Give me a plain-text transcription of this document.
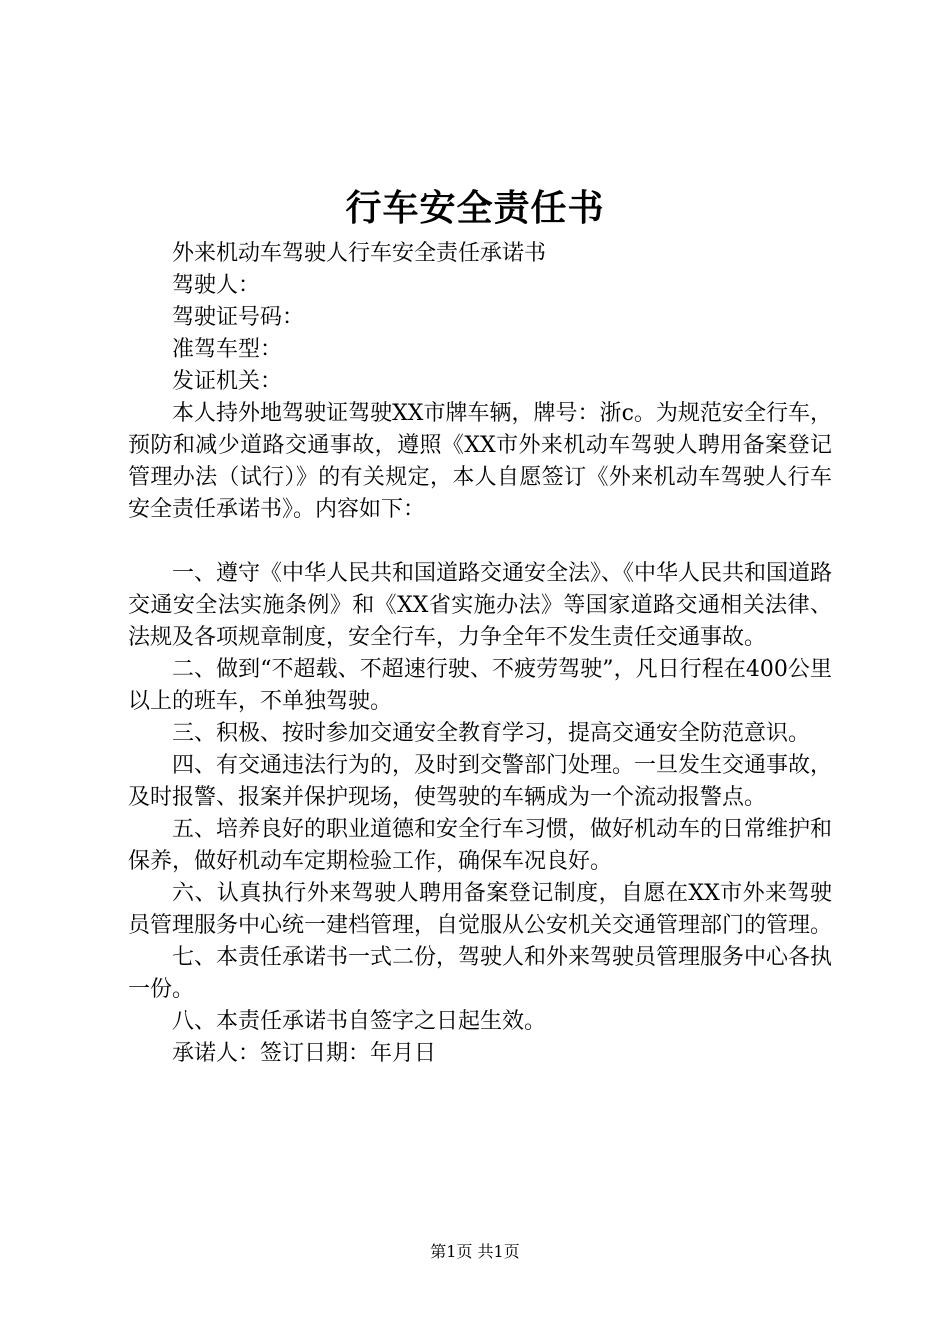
行车安全责任书

外来机动车驾驶人行车安全责任承诺书

驾驶人：

驾驶证号码：

准驾车型：

发证机关：

本人持外地驾驶证驾驶XX市牌车辆，牌号：浙c。为规范安全行车，预防和减少道路交通事故，遵照《XX市外来机动车驾驶人聘用备案登记管理办法（试行）》的有关规定，本人自愿签订《外来机动车驾驶人行车安全责任承诺书》。内容如下：

一、遵守《中华人民共和国道路交通安全法》、《中华人民共和国道路交通安全法实施条例》和《XX省实施办法》等国家道路交通相关法律、法规及各项规章制度，安全行车，力争全年不发生责任交通事故。

二、做到“不超载、不超速行驶、不疲劳驾驶”，凡日行程在400公里以上的班车，不单独驾驶。

三、积极、按时参加交通安全教育学习，提高交通安全防范意识。

四、有交通违法行为的，及时到交警部门处理。一旦发生交通事故，及时报警、报案并保护现场，使驾驶的车辆成为一个流动报警点。

五、培养良好的职业道德和安全行车习惯，做好机动车的日常维护和保养，做好机动车定期检验工作，确保车况良好。

六、认真执行外来驾驶人聘用备案登记制度，自愿在XX市外来驾驶员管理服务中心统一建档管理，自觉服从公安机关交通管理部门的管理。

七、本责任承诺书一式二份，驾驶人和外来驾驶员管理服务中心各执一份。

八、本责任承诺书自签字之日起生效。

承诺人：签订日期：年月日

第1页 共1页
